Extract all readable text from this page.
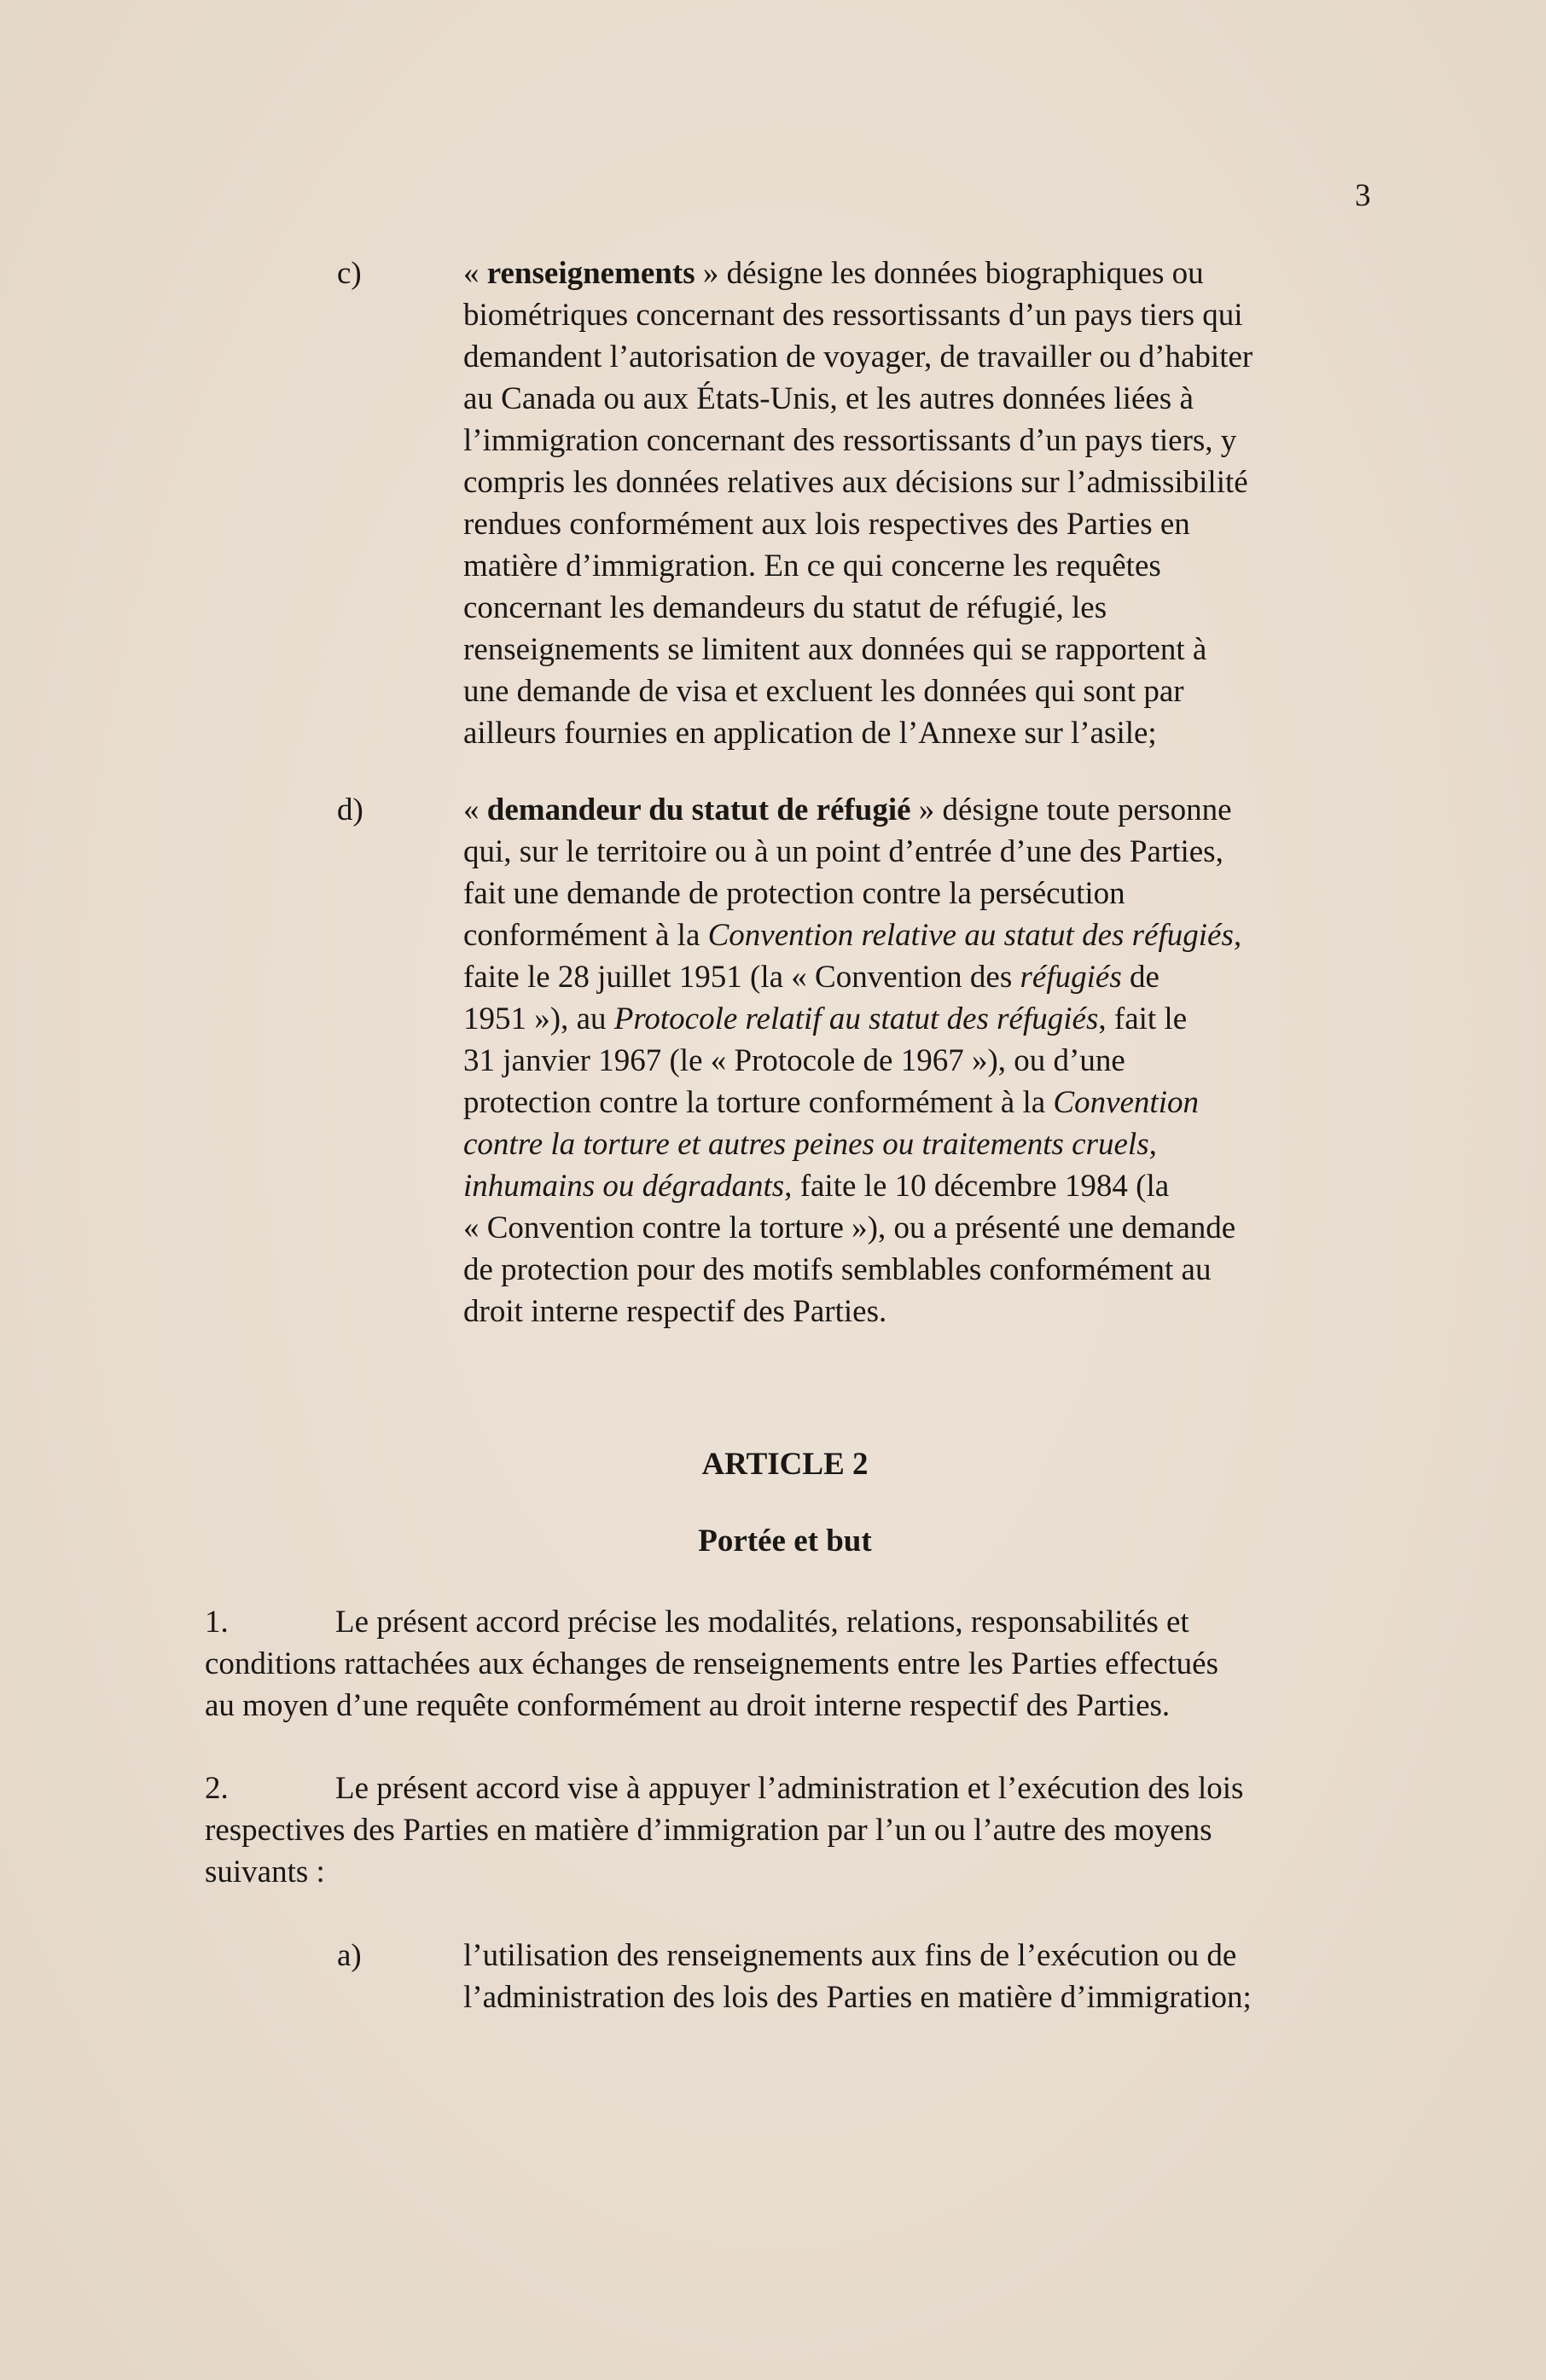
3
c)	« renseignements » désigne les données biographiques ou
biométriques concernant des ressortissants d’un pays tiers qui
demandent l’autorisation de voyager, de travailler ou d’habiter
au Canada ou aux États-Unis, et les autres données liées à
l’immigration concernant des ressortissants d’un pays tiers, y
compris les données relatives aux décisions sur l’admissibilité
rendues conformément aux lois respectives des Parties en
matière d’immigration. En ce qui concerne les requêtes
concernant les demandeurs du statut de réfugié, les
renseignements se limitent aux données qui se rapportent à
une demande de visa et excluent les données qui sont par
ailleurs fournies en application de l’Annexe sur l’asile;
d)	« demandeur du statut de réfugié » désigne toute personne
qui, sur le territoire ou à un point d’entrée d’une des Parties,
fait une demande de protection contre la persécution
conformément à la Convention relative au statut des réfugiés,
faite le 28 juillet 1951 (la « Convention des réfugiés de
1951 »), au Protocole relatif au statut des réfugiés, fait le
31 janvier 1967 (le « Protocole de 1967 »), ou d’une
protection contre la torture conformément à la Convention
contre la torture et autres peines ou traitements cruels,
inhumains ou dégradants, faite le 10 décembre 1984 (la
« Convention contre la torture »), ou a présenté une demande
de protection pour des motifs semblables conformément au
droit interne respectif des Parties.
ARTICLE 2
Portée et but
1.	Le présent accord précise les modalités, relations, responsabilités et
conditions rattachées aux échanges de renseignements entre les Parties effectués
au moyen d’une requête conformément au droit interne respectif des Parties.
2.	Le présent accord vise à appuyer l’administration et l’exécution des lois
respectives des Parties en matière d’immigration par l’un ou l’autre des moyens
suivants :
a)	l’utilisation des renseignements aux fins de l’exécution ou de
l’administration des lois des Parties en matière d’immigration;
